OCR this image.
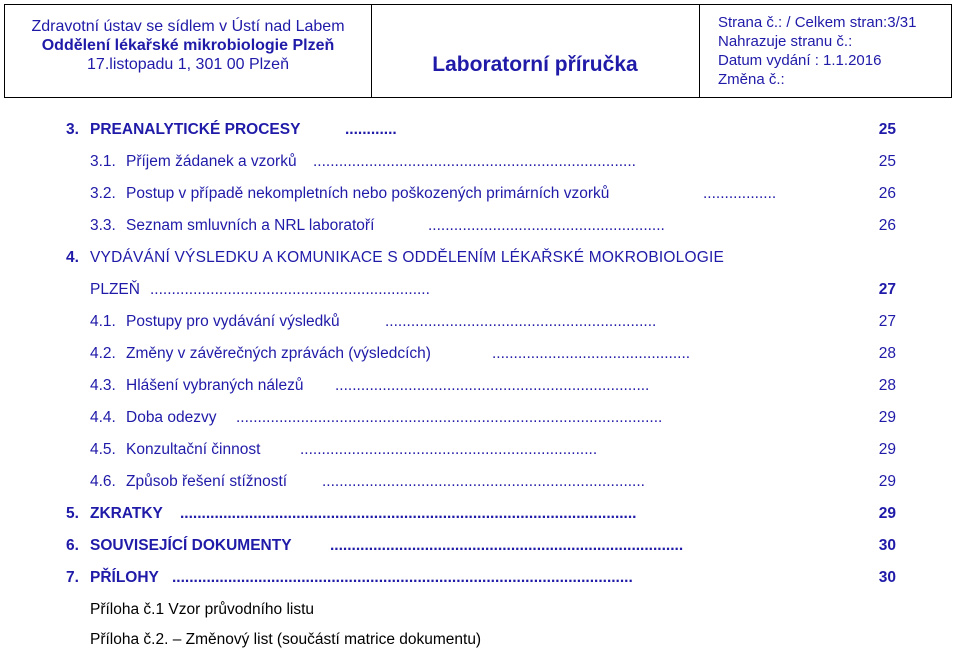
Zdravotní ústav se sídlem v Ústí nad Labem
Oddělení lékařské mikrobiologie Plzeň
17.listopadu 1, 301 00 Plzeň	Laboratorní příručka
Strana č.: / Celkem stran:3/31
Nahrazuje stranu č.:
Datum vydání : 1.1.2016
Změna č.:
3. PREANALYTICKÉ PROCESY	............	25
3.1. Příjem žádanek a vzorků ...........................................................................	25
3.2. Postup v případě nekompletních nebo poškozených primárních vzorků	.................	26
3.3. Seznam smluvních a NRL laboratoří	.......................................................	26
4. VYDÁVÁNÍ VÝSLEDKU A KOMUNIKACE S ODDĚLENÍM LÉKAŘSKÉ MOKROBIOLOGIE
PLZEŇ .................................................................	27
4.1. Postupy pro vydávání výsledků	...............................................................	27
4.2. Změny v závěrečných zprávách (výsledcích)	..............................................	28
4.3. Hlášení vybraných nálezů .........................................................................	28
4.4. Doba odezvy ...................................................................................................	29
4.5. Konzultační činnost	.....................................................................	29
4.6. Způsob řešení stížností ...........................................................................	29
5. ZKRATKY ..........................................................................................................	29
6. SOUVISEJÍCÍ DOKUMENTY ..................................................................................	30
7. PŘÍLOHY ...........................................................................................................	30
Příloha č.1 Vzor průvodního listu
Příloha č.2. – Změnový list (součástí matrice dokumentu)
